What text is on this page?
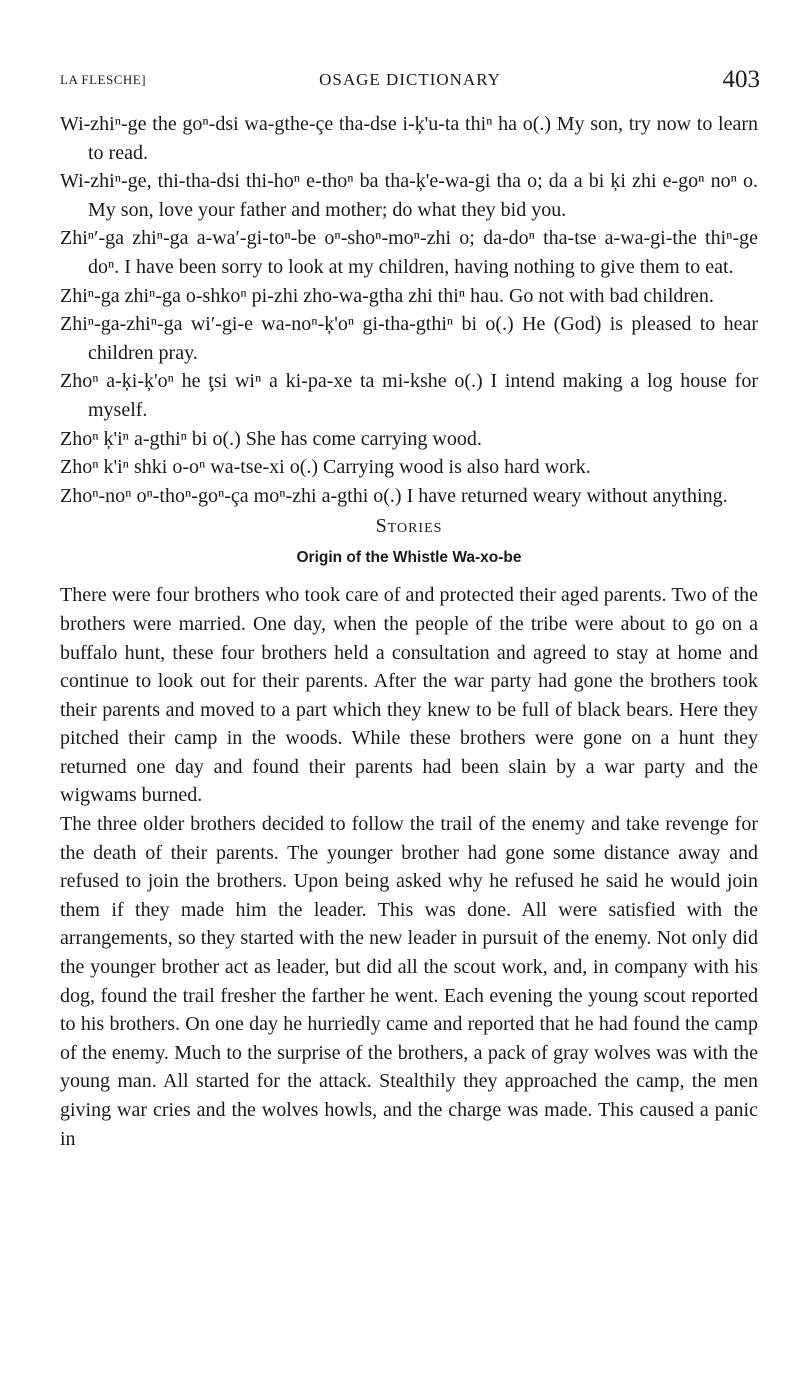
LA FLESCHE]	OSAGE DICTIONARY	403

Wi-zhiⁿ-ge the goⁿ-dsi wa-gthe-çe tha-dse i-ķ'u-ta thiⁿ ha o(.) My son, try now to learn to read.

Wi-zhiⁿ-ge, thi-tha-dsi thi-hoⁿ e-thoⁿ ba tha-ķ'e-wa-gi tha o; da a bi ķi zhi e-goⁿ noⁿ o. My son, love your father and mother; do what they bid you.

Zhiⁿ′-ga zhiⁿ-ga a-wa′-gi-toⁿ-be oⁿ-shoⁿ-moⁿ-zhi o; da-doⁿ tha-tse a-wa-gi-the thiⁿ-ge doⁿ. I have been sorry to look at my children, having nothing to give them to eat.

Zhiⁿ-ga zhiⁿ-ga o-shkoⁿ pi-zhi zho-wa-gtha zhi thiⁿ hau. Go not with bad children.

Zhiⁿ-ga-zhiⁿ-ga wi′-gi-e wa-noⁿ-ķ'oⁿ gi-tha-gthiⁿ bi o(.) He (God) is pleased to hear children pray.

Zhoⁿ a-ķi-ķ'oⁿ he ţsi wiⁿ a ki-pa-xe ta mi-kshe o(.) I intend making a log house for myself.

Zhoⁿ ķ'iⁿ a-gthiⁿ bi o(.) She has come carrying wood.

Zhoⁿ k'iⁿ shki o-oⁿ wa-tse-xi o(.) Carrying wood is also hard work.

Zhoⁿ-noⁿ oⁿ-thoⁿ-goⁿ-ça moⁿ-zhi a-gthi o(.) I have returned weary without anything.

Stories
Origin of the Whistle Wa-xo-be

There were four brothers who took care of and protected their aged parents. Two of the brothers were married. One day, when the people of the tribe were about to go on a buffalo hunt, these four brothers held a consultation and agreed to stay at home and continue to look out for their parents. After the war party had gone the brothers took their parents and moved to a part which they knew to be full of black bears. Here they pitched their camp in the woods. While these brothers were gone on a hunt they returned one day and found their parents had been slain by a war party and the wigwams burned.

The three older brothers decided to follow the trail of the enemy and take revenge for the death of their parents. The younger brother had gone some distance away and refused to join the brothers. Upon being asked why he refused he said he would join them if they made him the leader. This was done. All were satisfied with the arrangements, so they started with the new leader in pursuit of the enemy. Not only did the younger brother act as leader, but did all the scout work, and, in company with his dog, found the trail fresher the farther he went. Each evening the young scout reported to his brothers. On one day he hurriedly came and reported that he had found the camp of the enemy. Much to the surprise of the brothers, a pack of gray wolves was with the young man. All started for the attack. Stealthily they approached the camp, the men giving war cries and the wolves howls, and the charge was made. This caused a panic in
